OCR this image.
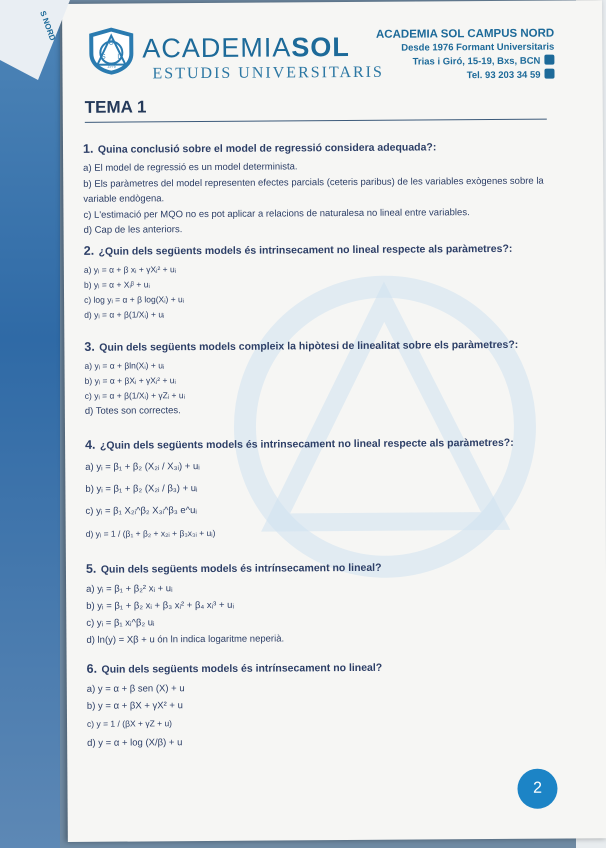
O
S L
1976
ACADEMIASOL
ESTUDIS UNIVERSITARIS
ACADEMIA SOL CAMPUS NORD
Desde 1976 Formant Universitaris
Trias i Giró, 15-19, Bxs, BCN
Tel. 93 203 34 59
TEMA 1
1. Quina conclusió sobre el model de regressió considera adequada?:
a) El model de regressió es un model determinista.
b) Els paràmetres del model representen efectes parcials (ceteris paribus) de les variables exògenes sobre la variable endògena.
c) L'estimació per MQO no es pot aplicar a relacions de naturalesa no lineal entre variables.
d) Cap de les anteriors.
2. ¿Quin dels següents models és intrinsecament no lineal respecte als paràmetres?:
a) yᵢ = α + β xᵢ + γXᵢ² + uᵢ
b) yᵢ = α + Xᵢᵝ + uᵢ
c) log yᵢ = α + β log(Xᵢ) + uᵢ
d) yᵢ = α + β(1/Xᵢ) + uᵢ
3. Quin dels següents models compleix la hipòtesi de linealitat sobre els paràmetres?:
a) yᵢ = α + βln(Xᵢ) + uᵢ
b) yᵢ = α + βXᵢ + γXᵢ² + uᵢ
c) yᵢ = α + β(1/Xᵢ) + γZᵢ + uᵢ
d) Totes son correctes.
4. ¿Quin dels següents models és intrinsecament no lineal respecte als paràmetres?:
a) yᵢ = β₁ + β₂ (X₂ᵢ / X₃ᵢ) + uᵢ
b) yᵢ = β₁ + β₂ (X₂ᵢ / β₃) + uᵢ
c) yᵢ = β₁ X₂ᵢ^β₂ X₃ᵢ^β₃ e^uᵢ
d) yᵢ = 1 / (β₁ + β₂ + x₂ᵢ + β₃x₃ᵢ + uᵢ)
5. Quin dels següents models és intrínsecament no lineal?
a) yᵢ = β₁ + β₂² xᵢ + uᵢ
b) yᵢ = β₁ + β₂ xᵢ + β₃ xᵢ² + β₄ xᵢ³ + uᵢ
c) yᵢ = β₁ xᵢ^β₂ uᵢ
d) ln(y) = Xβ + u ón ln indica logaritme neperià.
6. Quin dels següents models és intrínsecament no lineal?
a) y = α + β sen (X) + u
b) y = α + βX + γX² + u
c) y = 1 / (βX + γZ + u)
d) y = α + log (X/β) + u
2
S NORD
